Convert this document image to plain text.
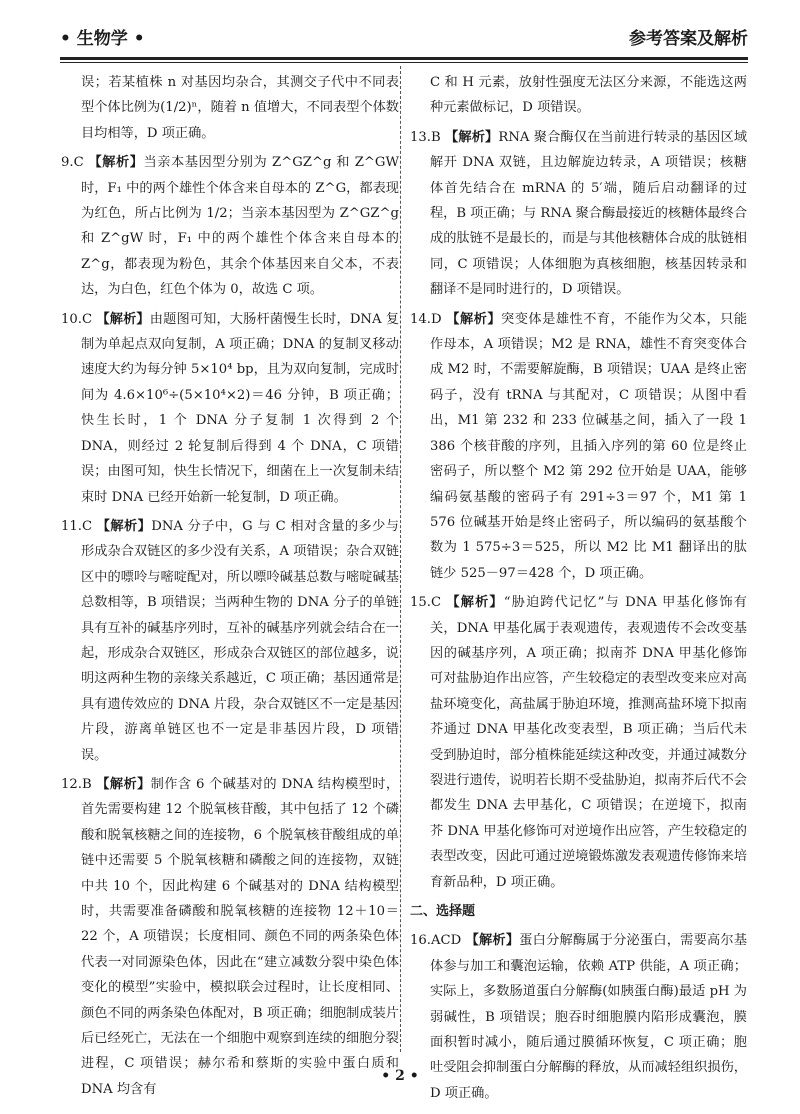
• 生物学 •	参考答案及解析
误；若某植株 n 对基因均杂合，其测交子代中不同表型个体比例为(1/2)ⁿ，随着 n 值增大，不同表型个体数目均相等，D 项正确。
9.C 【解析】当亲本基因型分别为 Z^GZ^g 和 Z^GW 时，F₁ 中的两个雄性个体含来自母本的 Z^G，都表现为红色，所占比例为 1/2；当亲本基因型为 Z^GZ^g 和 Z^gW 时，F₁ 中的两个雄性个体含来自母本的 Z^g，都表现为粉色，其余个体基因来自父本，不表达，为白色，红色个体为 0，故选 C 项。
10.C 【解析】由题图可知，大肠杆菌慢生长时，DNA 复制为单起点双向复制，A 项正确；DNA 的复制叉移动速度大约为每分钟 5×10⁴ bp，且为双向复制，完成时间为 4.6×10⁶÷(5×10⁴×2)＝46 分钟，B 项正确；快生长时，1 个 DNA 分子复制 1 次得到 2 个 DNA，则经过 2 轮复制后得到 4 个 DNA，C 项错误；由图可知，快生长情况下，细菌在上一次复制未结束时 DNA 已经开始新一轮复制，D 项正确。
11.C 【解析】DNA 分子中，G 与 C 相对含量的多少与形成杂合双链区的多少没有关系，A 项错误；杂合双链区中的嘌呤与嘧啶配对，所以嘌呤碱基总数与嘧啶碱基总数相等，B 项错误；当两种生物的 DNA 分子的单链具有互补的碱基序列时，互补的碱基序列就会结合在一起，形成杂合双链区，形成杂合双链区的部位越多，说明这两种生物的亲缘关系越近，C 项正确；基因通常是具有遗传效应的 DNA 片段，杂合双链区不一定是基因片段，游离单链区也不一定是非基因片段，D 项错误。
12.B 【解析】制作含 6 个碱基对的 DNA 结构模型时，首先需要构建 12 个脱氧核苷酸，其中包括了 12 个磷酸和脱氧核糖之间的连接物，6 个脱氧核苷酸组成的单链中还需要 5 个脱氧核糖和磷酸之间的连接物，双链中共 10 个，因此构建 6 个碱基对的 DNA 结构模型时，共需要准备磷酸和脱氧核糖的连接物 12＋10＝22 个，A 项错误；长度相同、颜色不同的两条染色体代表一对同源染色体，因此在“建立减数分裂中染色体变化的模型”实验中，模拟联会过程时，让长度相同、颜色不同的两条染色体配对，B 项正确；细胞制成装片后已经死亡，无法在一个细胞中观察到连续的细胞分裂进程，C 项错误；赫尔希和蔡斯的实验中蛋白质和 DNA 均含有
C 和 H 元素，放射性强度无法区分来源，不能选这两种元素做标记，D 项错误。
13.B 【解析】RNA 聚合酶仅在当前进行转录的基因区域解开 DNA 双链，且边解旋边转录，A 项错误；核糖体首先结合在 mRNA 的 5′端，随后启动翻译的过程，B 项正确；与 RNA 聚合酶最接近的核糖体最终合成的肽链不是最长的，而是与其他核糖体合成的肽链相同，C 项错误；人体细胞为真核细胞，核基因转录和翻译不是同时进行的，D 项错误。
14.D 【解析】突变体是雄性不育，不能作为父本，只能作母本，A 项错误；M2 是 RNA，雄性不育突变体合成 M2 时，不需要解旋酶，B 项错误；UAA 是终止密码子，没有 tRNA 与其配对，C 项错误；从图中看出，M1 第 232 和 233 位碱基之间，插入了一段 1 386 个核苷酸的序列，且插入序列的第 60 位是终止密码子，所以整个 M2 第 292 位开始是 UAA，能够编码氨基酸的密码子有 291÷3＝97 个，M1 第 1 576 位碱基开始是终止密码子，所以编码的氨基酸个数为 1 575÷3＝525，所以 M2 比 M1 翻译出的肽链少 525－97＝428 个，D 项正确。
15.C 【解析】“胁迫跨代记忆”与 DNA 甲基化修饰有关，DNA 甲基化属于表观遗传，表观遗传不会改变基因的碱基序列，A 项正确；拟南芥 DNA 甲基化修饰可对盐胁迫作出应答，产生较稳定的表型改变来应对高盐环境变化，高盐属于胁迫环境，推测高盐环境下拟南芥通过 DNA 甲基化改变表型，B 项正确；当后代未受到胁迫时，部分植株能延续这种改变，并通过减数分裂进行遗传，说明若长期不受盐胁迫，拟南芥后代不会都发生 DNA 去甲基化，C 项错误；在逆境下，拟南芥 DNA 甲基化修饰可对逆境作出应答，产生较稳定的表型改变，因此可通过逆境锻炼激发表观遗传修饰来培育新品种，D 项正确。
二、选择题
16.ACD 【解析】蛋白分解酶属于分泌蛋白，需要高尔基体参与加工和囊泡运输，依赖 ATP 供能，A 项正确；实际上，多数肠道蛋白分解酶(如胰蛋白酶)最适 pH 为弱碱性，B 项错误；胞吞时细胞膜内陷形成囊泡，膜面积暂时减小，随后通过膜循环恢复，C 项正确；胞吐受阻会抑制蛋白分解酶的释放，从而减轻组织损伤，D 项正确。
• 2 •
